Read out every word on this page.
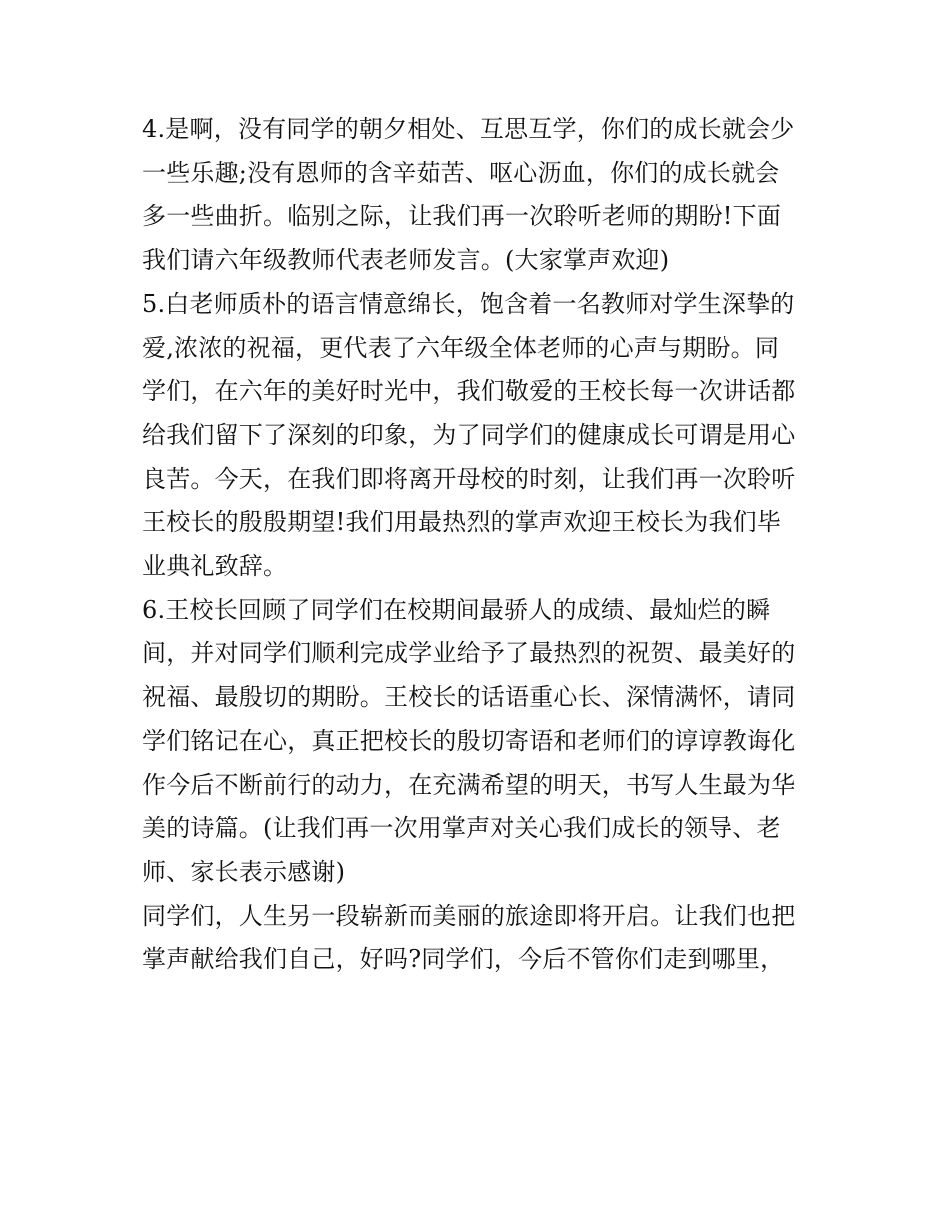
4.是啊，没有同学的朝夕相处、互思互学，你们的成长就会少
一些乐趣;没有恩师的含辛茹苦、呕心沥血，你们的成长就会
多一些曲折。临别之际，让我们再一次聆听老师的期盼!下面
我们请六年级教师代表老师发言。(大家掌声欢迎)

5.白老师质朴的语言情意绵长，饱含着一名教师对学生深挚的
爱,浓浓的祝福，更代表了六年级全体老师的心声与期盼。同
学们，在六年的美好时光中，我们敬爱的王校长每一次讲话都
给我们留下了深刻的印象，为了同学们的健康成长可谓是用心
良苦。今天，在我们即将离开母校的时刻，让我们再一次聆听
王校长的殷殷期望!我们用最热烈的掌声欢迎王校长为我们毕
业典礼致辞。

6.王校长回顾了同学们在校期间最骄人的成绩、最灿烂的瞬
间，并对同学们顺利完成学业给予了最热烈的祝贺、最美好的
祝福、最殷切的期盼。王校长的话语重心长、深情满怀，请同
学们铭记在心，真正把校长的殷切寄语和老师们的谆谆教诲化
作今后不断前行的动力，在充满希望的明天，书写人生最为华
美的诗篇。(让我们再一次用掌声对关心我们成长的领导、老
师、家长表示感谢)

同学们，人生另一段崭新而美丽的旅途即将开启。让我们也把
掌声献给我们自己，好吗?同学们，今后不管你们走到哪里，
